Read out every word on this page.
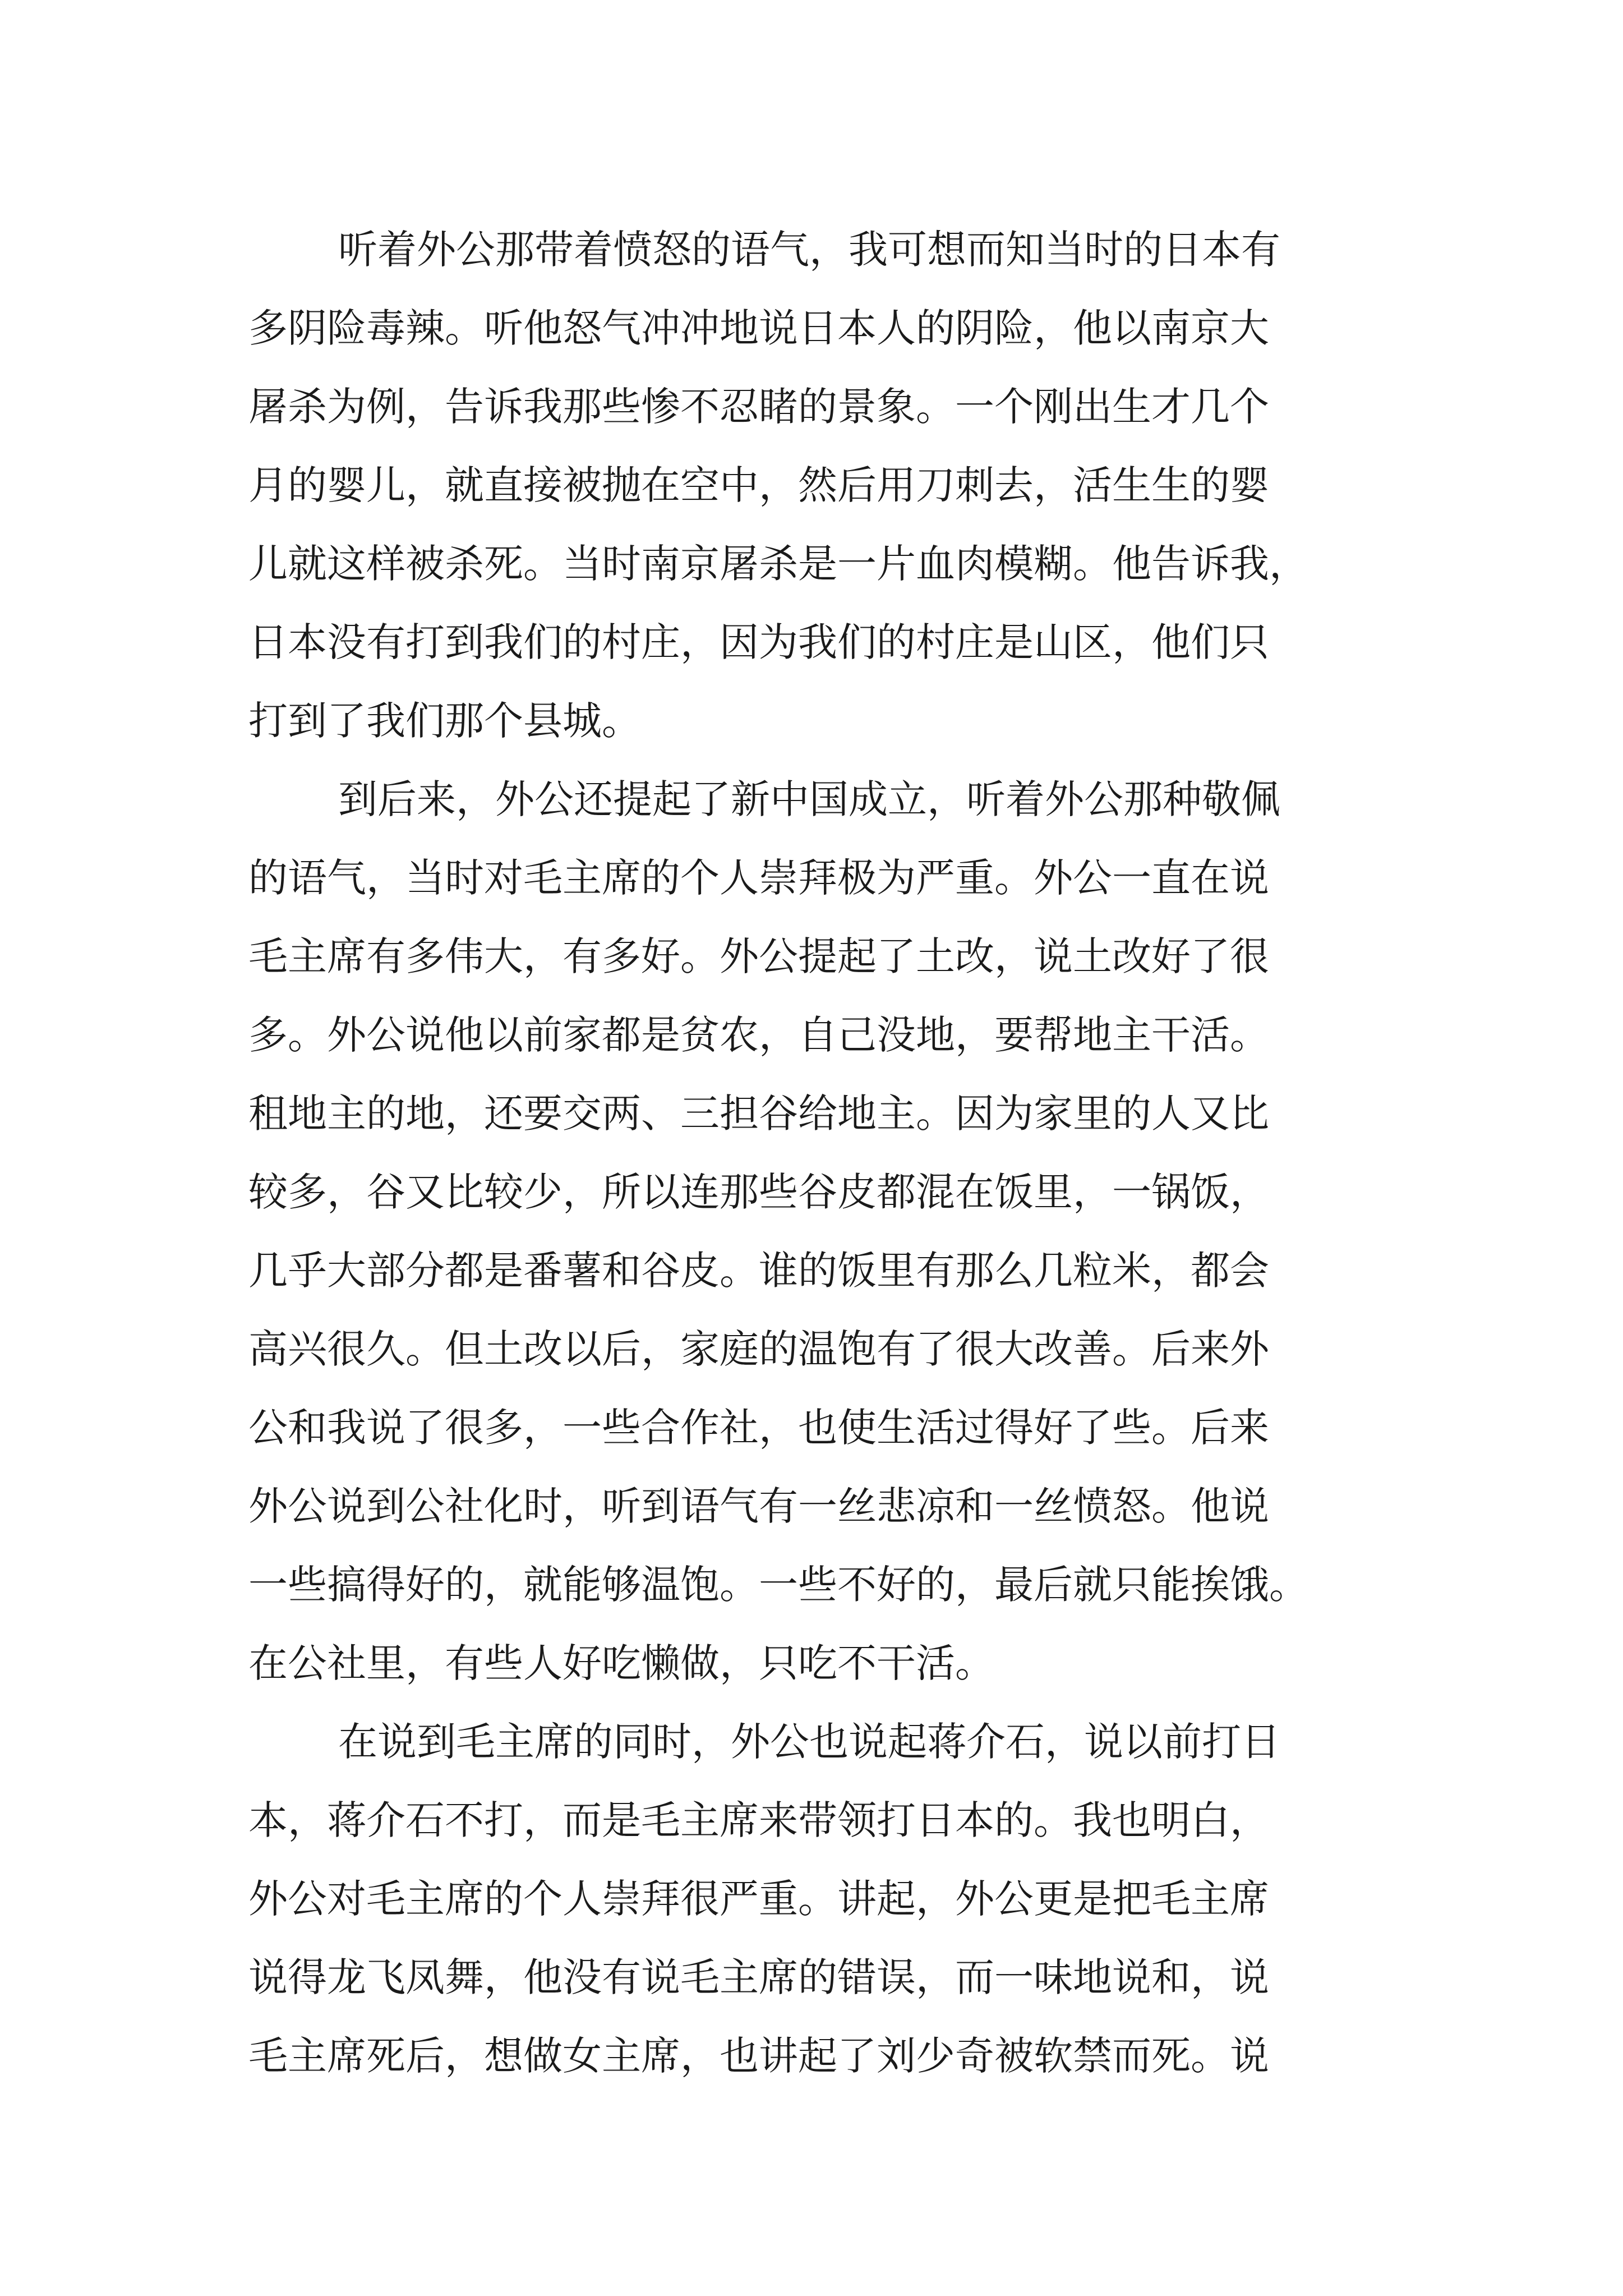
听着外公那带着愤怒的语气，我可想而知当时的日本有
多阴险毒辣。听他怒气冲冲地说日本人的阴险，他以南京大
屠杀为例，告诉我那些惨不忍睹的景象。一个刚出生才几个
月的婴儿，就直接被抛在空中，然后用刀刺去，活生生的婴
儿就这样被杀死。当时南京屠杀是一片血肉模糊。他告诉我，
日本没有打到我们的村庄，因为我们的村庄是山区，他们只
打到了我们那个县城。
到后来，外公还提起了新中国成立，听着外公那种敬佩
的语气，当时对毛主席的个人崇拜极为严重。外公一直在说
毛主席有多伟大，有多好。外公提起了土改，说土改好了很
多。外公说他以前家都是贫农，自己没地，要帮地主干活。
租地主的地，还要交两、三担谷给地主。因为家里的人又比
较多，谷又比较少，所以连那些谷皮都混在饭里，一锅饭，
几乎大部分都是番薯和谷皮。谁的饭里有那么几粒米，都会
高兴很久。但土改以后，家庭的温饱有了很大改善。后来外
公和我说了很多，一些合作社，也使生活过得好了些。后来
外公说到公社化时，听到语气有一丝悲凉和一丝愤怒。他说
一些搞得好的，就能够温饱。一些不好的，最后就只能挨饿。
在公社里，有些人好吃懒做，只吃不干活。
在说到毛主席的同时，外公也说起蒋介石，说以前打日
本，蒋介石不打，而是毛主席来带领打日本的。我也明白，
外公对毛主席的个人崇拜很严重。讲起，外公更是把毛主席
说得龙飞凤舞，他没有说毛主席的错误，而一味地说和，说
毛主席死后，想做女主席，也讲起了刘少奇被软禁而死。说
